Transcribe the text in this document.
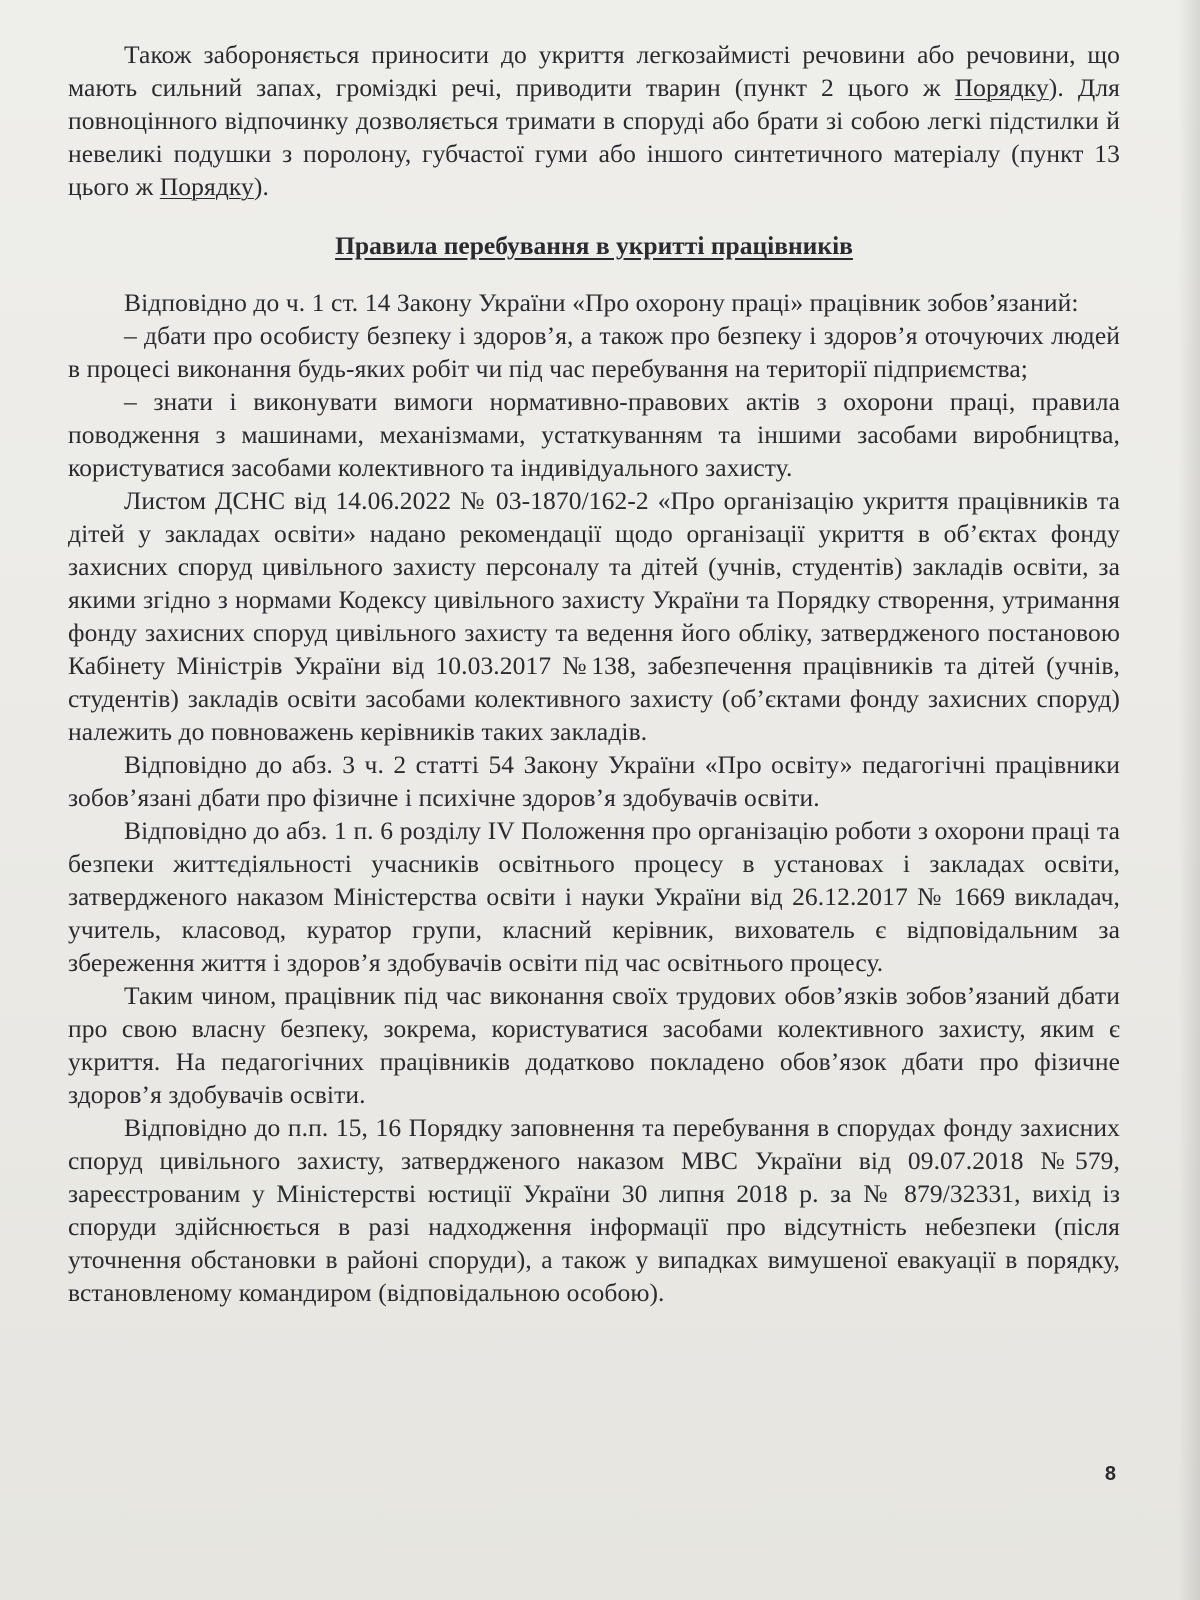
Також забороняється приносити до укриття легкозаймисті речовини або речовини, що мають сильний запах, громіздкі речі, приводити тварин (пункт 2 цього ж Порядку). Для повноцінного відпочинку дозволяється тримати в споруді або брати зі собою легкі підстилки й невеликі подушки з поролону, губчастої гуми або іншого синтетичного матеріалу (пункт 13 цього ж Порядку).

Правила перебування в укритті працівників

Відповідно до ч. 1 ст. 14 Закону України «Про охорону праці» працівник зобов’язаний:

– дбати про особисту безпеку і здоров’я, а також про безпеку і здоров’я оточуючих людей в процесі виконання будь-яких робіт чи під час перебування на території підприємства;

– знати і виконувати вимоги нормативно-правових актів з охорони праці, правила поводження з машинами, механізмами, устаткуванням та іншими засобами виробництва, користуватися засобами колективного та індивідуального захисту.

Листом ДСНС від 14.06.2022 № 03-1870/162-2 «Про організацію укриття працівників та дітей у закладах освіти» надано рекомендації щодо організації укриття в об’єктах фонду захисних споруд цивільного захисту персоналу та дітей (учнів, студентів) закладів освіти, за якими згідно з нормами Кодексу цивільного захисту України та Порядку створення, утримання фонду захисних споруд цивільного захисту та ведення його обліку, затвердженого постановою Кабінету Міністрів України від 10.03.2017 №138, забезпечення працівників та дітей (учнів, студентів) закладів освіти засобами колективного захисту (об’єктами фонду захисних споруд) належить до повноважень керівників таких закладів.

Відповідно до абз. 3 ч. 2 статті 54 Закону України «Про освіту» педагогічні працівники зобов’язані дбати про фізичне і психічне здоров’я здобувачів освіти.

Відповідно до абз. 1 п. 6 розділу IV Положення про організацію роботи з охорони праці та безпеки життєдіяльності учасників освітнього процесу в установах і закладах освіти, затвердженого наказом Міністерства освіти і науки України від 26.12.2017 № 1669 викладач, учитель, класовод, куратор групи, класний керівник, вихователь є відповідальним за збереження життя і здоров’я здобувачів освіти під час освітнього процесу.

Таким чином, працівник під час виконання своїх трудових обов’язків зобов’язаний дбати про свою власну безпеку, зокрема, користуватися засобами колективного захисту, яким є укриття. На педагогічних працівників додатково покладено обов’язок дбати про фізичне здоров’я здобувачів освіти.

Відповідно до п.п. 15, 16 Порядку заповнення та перебування в спорудах фонду захисних споруд цивільного захисту, затвердженого наказом МВС України від 09.07.2018 №579, зареєстрованим у Міністерстві юстиції України 30 липня 2018 р. за № 879/32331, вихід із споруди здійснюється в разі надходження інформації про відсутність небезпеки (після уточнення обстановки в районі споруди), а також у випадках вимушеної евакуації в порядку, встановленому командиром (відповідальною особою).

8
